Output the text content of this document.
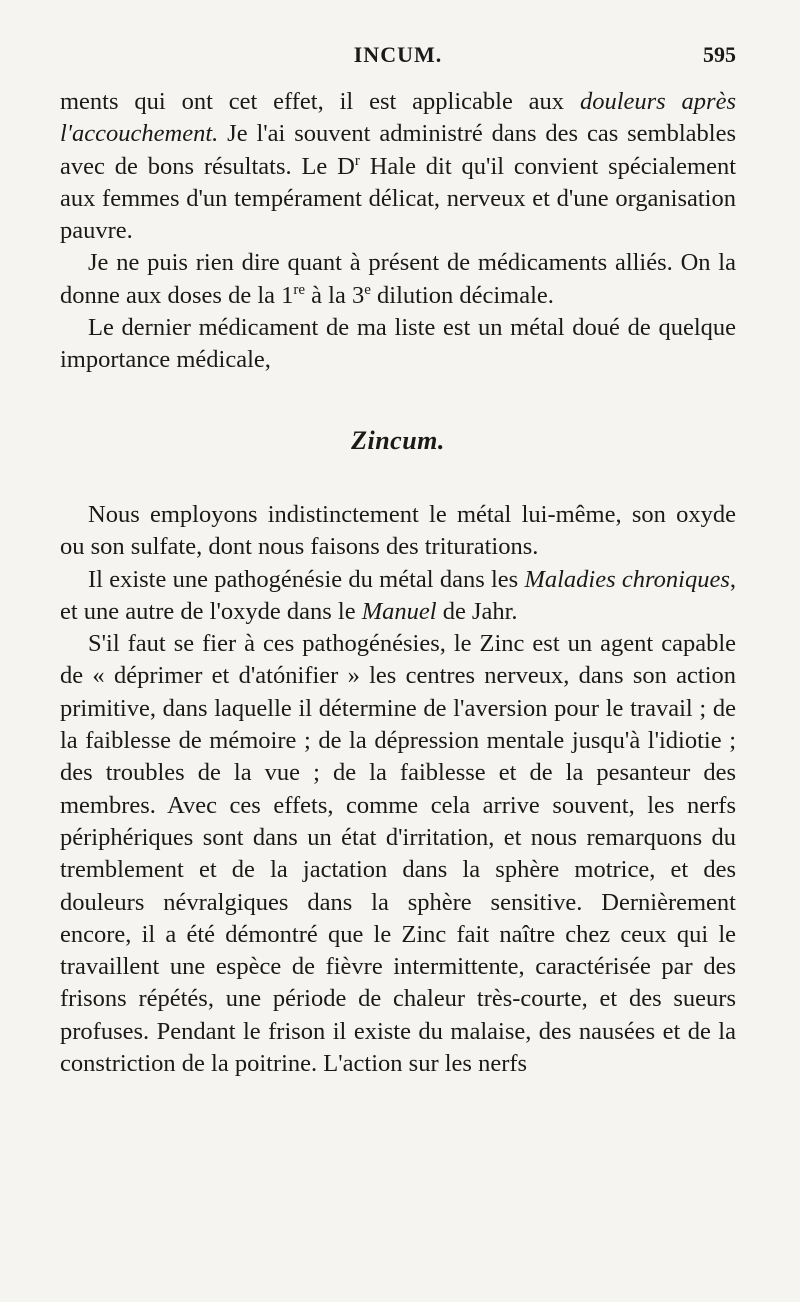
INCUM.	595

ments qui ont cet effet, il est applicable aux douleurs après l'accouchement. Je l'ai souvent administré dans des cas semblables avec de bons résultats. Le $D^r$ Hale dit qu'il convient spécialement aux femmes d'un tempérament délicat, nerveux et d'une organisation pauvre.

Je ne puis rien dire quant à présent de médicaments alliés. On la donne aux doses de la 1re à la 3e dilution décimale.

Le dernier médicament de ma liste est un métal doué de quelque importance médicale,

Zincum.

Nous employons indistinctement le métal lui-même, son oxyde ou son sulfate, dont nous faisons des triturations.

Il existe une pathogénésie du métal dans les Maladies chroniques, et une autre de l'oxyde dans le Manuel de Jahr.

S'il faut se fier à ces pathogénésies, le Zinc est un agent capable de « déprimer et d'atónifier » les centres nerveux, dans son action primitive, dans laquelle il détermine de l'aversion pour le travail ; de la faiblesse de mémoire ; de la dépression mentale jusqu'à l'idiotie ; des troubles de la vue ; de la faiblesse et de la pesanteur des membres. Avec ces effets, comme cela arrive souvent, les nerfs périphériques sont dans un état d'irritation, et nous remarquons du tremblement et de la jactation dans la sphère motrice, et des douleurs névralgiques dans la sphère sensitive. Dernièrement encore, il a été démontré que le Zinc fait naître chez ceux qui le travaillent une espèce de fièvre intermittente, caractérisée par des frisons répétés, une période de chaleur très-courte, et des sueurs profuses. Pendant le frison il existe du malaise, des nausées et de la constriction de la poitrine. L'action sur les nerfs
